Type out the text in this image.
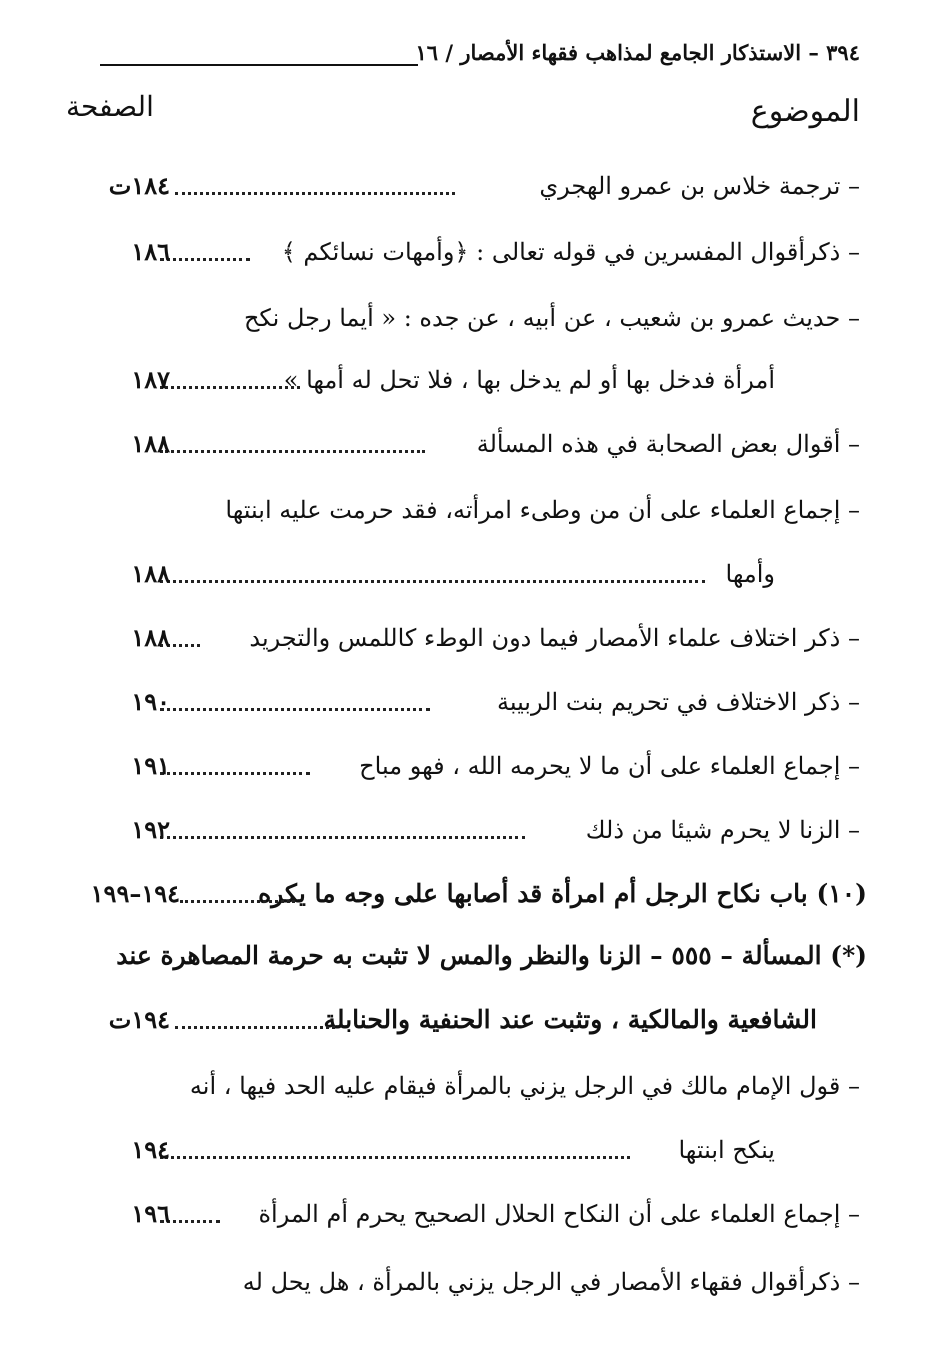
٣٩٤ – الاستذكار الجامع لمذاهب فقهاء الأمصار / ١٦
الموضوع
الصفحة
– ترجمة خلاس بن عمرو الهجري
١٨٤ت
– ذكرأقوال المفسرين في قوله تعالى : ﴿وأمهات نسائكم ﴾
١٨٦
– حديث عمرو بن شعيب ، عن أبيه ، عن جده : « أيما رجل نكح
أمرأة فدخل بها أو لم يدخل بها ، فلا تحل له أمها »
١٨٧
– أقوال بعض الصحابة في هذه المسألة
١٨٨
– إجماع العلماء على أن من وطىء امرأته، فقد حرمت عليه ابنتها
وأمها
١٨٨
– ذكر اختلاف علماء الأمصار فيما دون الوطء كاللمس والتجريد
١٨٨
– ذكر الاختلاف في تحريم بنت الربيبة
١٩٠
– إجماع العلماء على أن ما لا يحرمه الله ، فهو مباح
١٩١
– الزنا لا يحرم شيئا من ذلك
١٩٢
(١٠) باب نكاح الرجل أم امرأة قد أصابها على وجه ما يكره
١٩٤–١٩٩
(*) المسألة – ٥٥٥ – الزنا والنظر والمس لا تثبت به حرمة المصاهرة عند
الشافعية والمالكية ، وتثبت عند الحنفية والحنابلة
١٩٤ت
– قول الإمام مالك في الرجل يزني بالمرأة فيقام عليه الحد فيها ، أنه
ينكح ابنتها
١٩٤
– إجماع العلماء على أن النكاح الحلال الصحيح يحرم أم المرأة
١٩٦
– ذكرأقوال فقهاء الأمصار في الرجل يزني بالمرأة ، هل يحل له
